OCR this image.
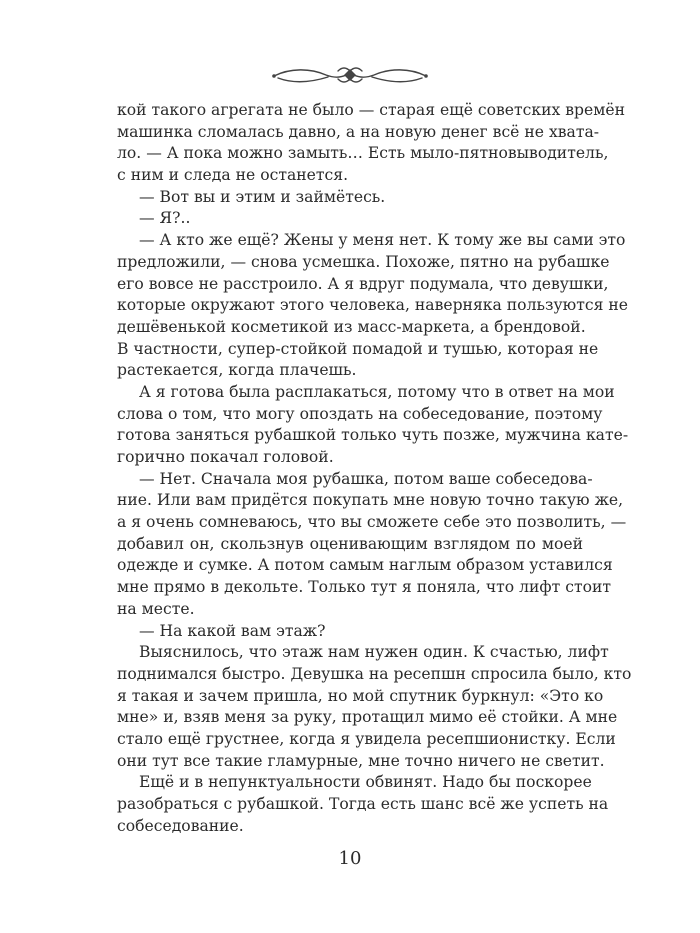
кой такого агрегата не было — старая ещё советских времён
машинка сломалась давно, а на новую денег всё не хвата-
ло. — А пока можно замыть… Есть мыло-пятновыводитель,
с ним и следа не останется.
— Вот вы и этим и займётесь.
— Я?..
— А кто же ещё? Жены у меня нет. К тому же вы сами это
предложили, — снова усмешка. Похоже, пятно на рубашке
его вовсе не расстроило. А я вдруг подумала, что девушки,
которые окружают этого человека, наверняка пользуются не
дешёвенькой косметикой из масс-маркета, а брендовой.
В частности, супер-стойкой помадой и тушью, которая не
растекается, когда плачешь.
А я готова была расплакаться, потому что в ответ на мои
слова о том, что могу опоздать на собеседование, поэтому
готова заняться рубашкой только чуть позже, мужчина кате-
горично покачал головой.
— Нет. Сначала моя рубашка, потом ваше собеседова-
ние. Или вам придётся покупать мне новую точно такую же,
а я очень сомневаюсь, что вы сможете себе это позволить, —
добавил он, скользнув оценивающим взглядом по моей
одежде и сумке. А потом самым наглым образом уставился
мне прямо в декольте. Только тут я поняла, что лифт стоит
на месте.
— На какой вам этаж?
Выяснилось, что этаж нам нужен один. К счастью, лифт
поднимался быстро. Девушка на ресепшн спросила было, кто
я такая и зачем пришла, но мой спутник буркнул: «Это ко
мне» и, взяв меня за руку, протащил мимо её стойки. А мне
стало ещё грустнее, когда я увидела ресепшионистку. Если
они тут все такие гламурные, мне точно ничего не светит.
Ещё и в непунктуальности обвинят. Надо бы поскорее
разобраться с рубашкой. Тогда есть шанс всё же успеть на
собеседование.
10
